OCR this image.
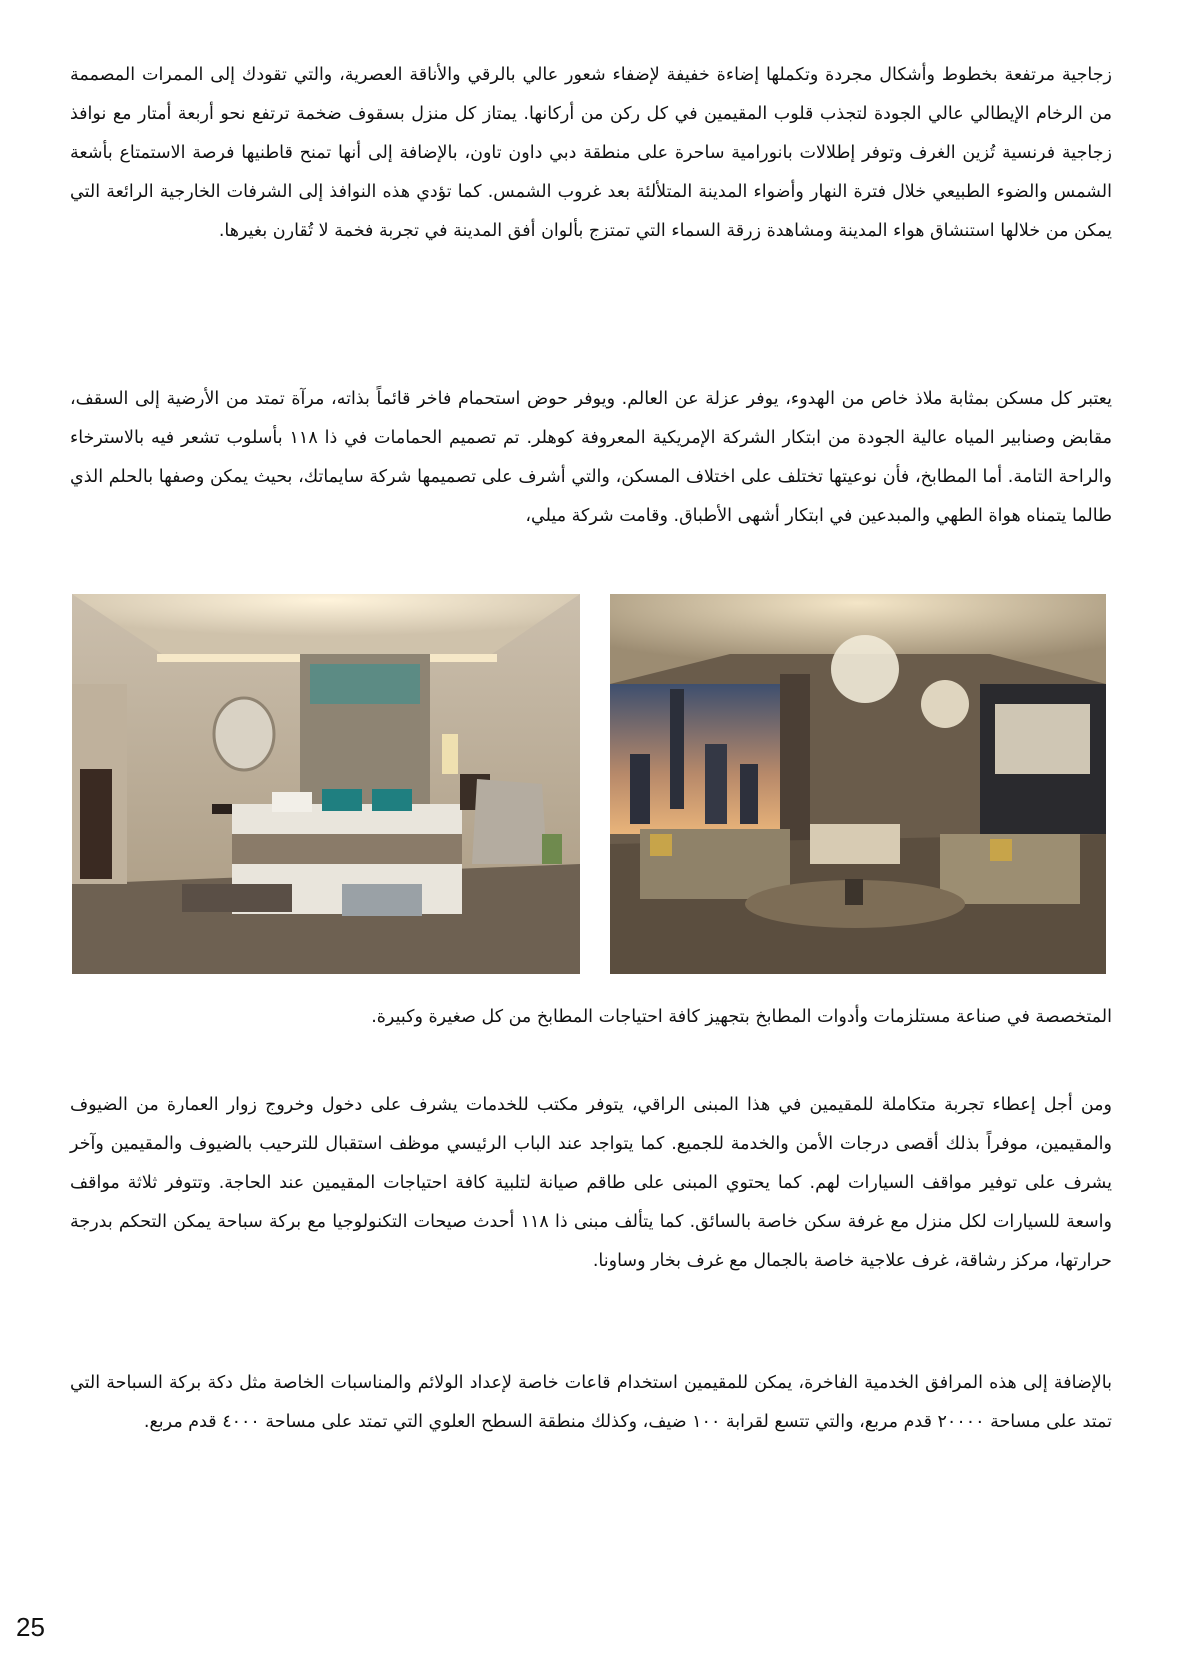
زجاجية مرتفعة بخطوط وأشكال مجردة وتكملها إضاءة خفيفة لإضفاء شعور عالي بالرقي والأناقة العصرية، والتي تقودك إلى الممرات المصممة من الرخام الإيطالي عالي الجودة لتجذب قلوب المقيمين في كل ركن من أركانها. يمتاز كل منزل بسقوف ضخمة ترتفع نحو أربعة أمتار مع نوافذ زجاجية فرنسية تُزين الغرف وتوفر إطلالات بانورامية ساحرة على منطقة دبي داون تاون، بالإضافة إلى أنها تمنح قاطنيها فرصة الاستمتاع بأشعة الشمس والضوء الطبيعي خلال فترة النهار وأضواء المدينة المتلألئة بعد غروب الشمس. كما تؤدي هذه النوافذ إلى الشرفات الخارجية الرائعة التي يمكن من خلالها استنشاق هواء المدينة ومشاهدة زرقة السماء التي تمتزج بألوان أفق المدينة في تجربة فخمة لا تُقارن بغيرها.
يعتبر كل مسكن بمثابة ملاذ خاص من الهدوء، يوفر عزلة عن العالم. ويوفر حوض استحمام فاخر قائماً بذاته، مرآة تمتد من الأرضية إلى السقف، مقابض وصنابير المياه عالية الجودة من ابتكار الشركة الإمريكية المعروفة كوهلر. تم تصميم الحمامات في ذا ١١٨ بأسلوب تشعر فيه بالاسترخاء والراحة التامة. أما المطابخ، فأن نوعيتها تختلف على اختلاف المسكن، والتي أشرف على تصميمها شركة سايماتك، بحيث يمكن وصفها بالحلم الذي طالما يتمناه هواة الطهي والمبدعين في ابتكار أشهى الأطباق. وقامت شركة ميلي،
المتخصصة في صناعة مستلزمات وأدوات المطابخ بتجهيز كافة احتياجات المطابخ من كل صغيرة وكبيرة.
ومن أجل إعطاء تجربة متكاملة للمقيمين في هذا المبنى الراقي، يتوفر مكتب للخدمات يشرف على دخول وخروج زوار العمارة من الضيوف والمقيمين، موفراً بذلك أقصى درجات الأمن والخدمة للجميع. كما يتواجد عند الباب الرئيسي موظف استقبال للترحيب بالضيوف والمقيمين وآخر يشرف على توفير مواقف السيارات لهم. كما يحتوي المبنى على طاقم صيانة لتلبية كافة احتياجات المقيمين عند الحاجة. وتتوفر ثلاثة مواقف واسعة للسيارات لكل منزل مع غرفة سكن خاصة بالسائق. كما يتألف مبنى ذا ١١٨ أحدث صيحات التكنولوجيا مع بركة سباحة يمكن التحكم بدرجة حرارتها، مركز رشاقة، غرف علاجية خاصة بالجمال مع غرف بخار وساونا.
بالإضافة إلى هذه المرافق الخدمية الفاخرة، يمكن للمقيمين استخدام قاعات خاصة لإعداد الولائم والمناسبات الخاصة مثل دكة بركة السباحة التي تمتد على مساحة ٢٠٠٠٠ قدم مربع، والتي تتسع لقرابة ١٠٠ ضيف، وكذلك منطقة السطح العلوي التي تمتد على مساحة ٤٠٠٠ قدم مربع.
25
